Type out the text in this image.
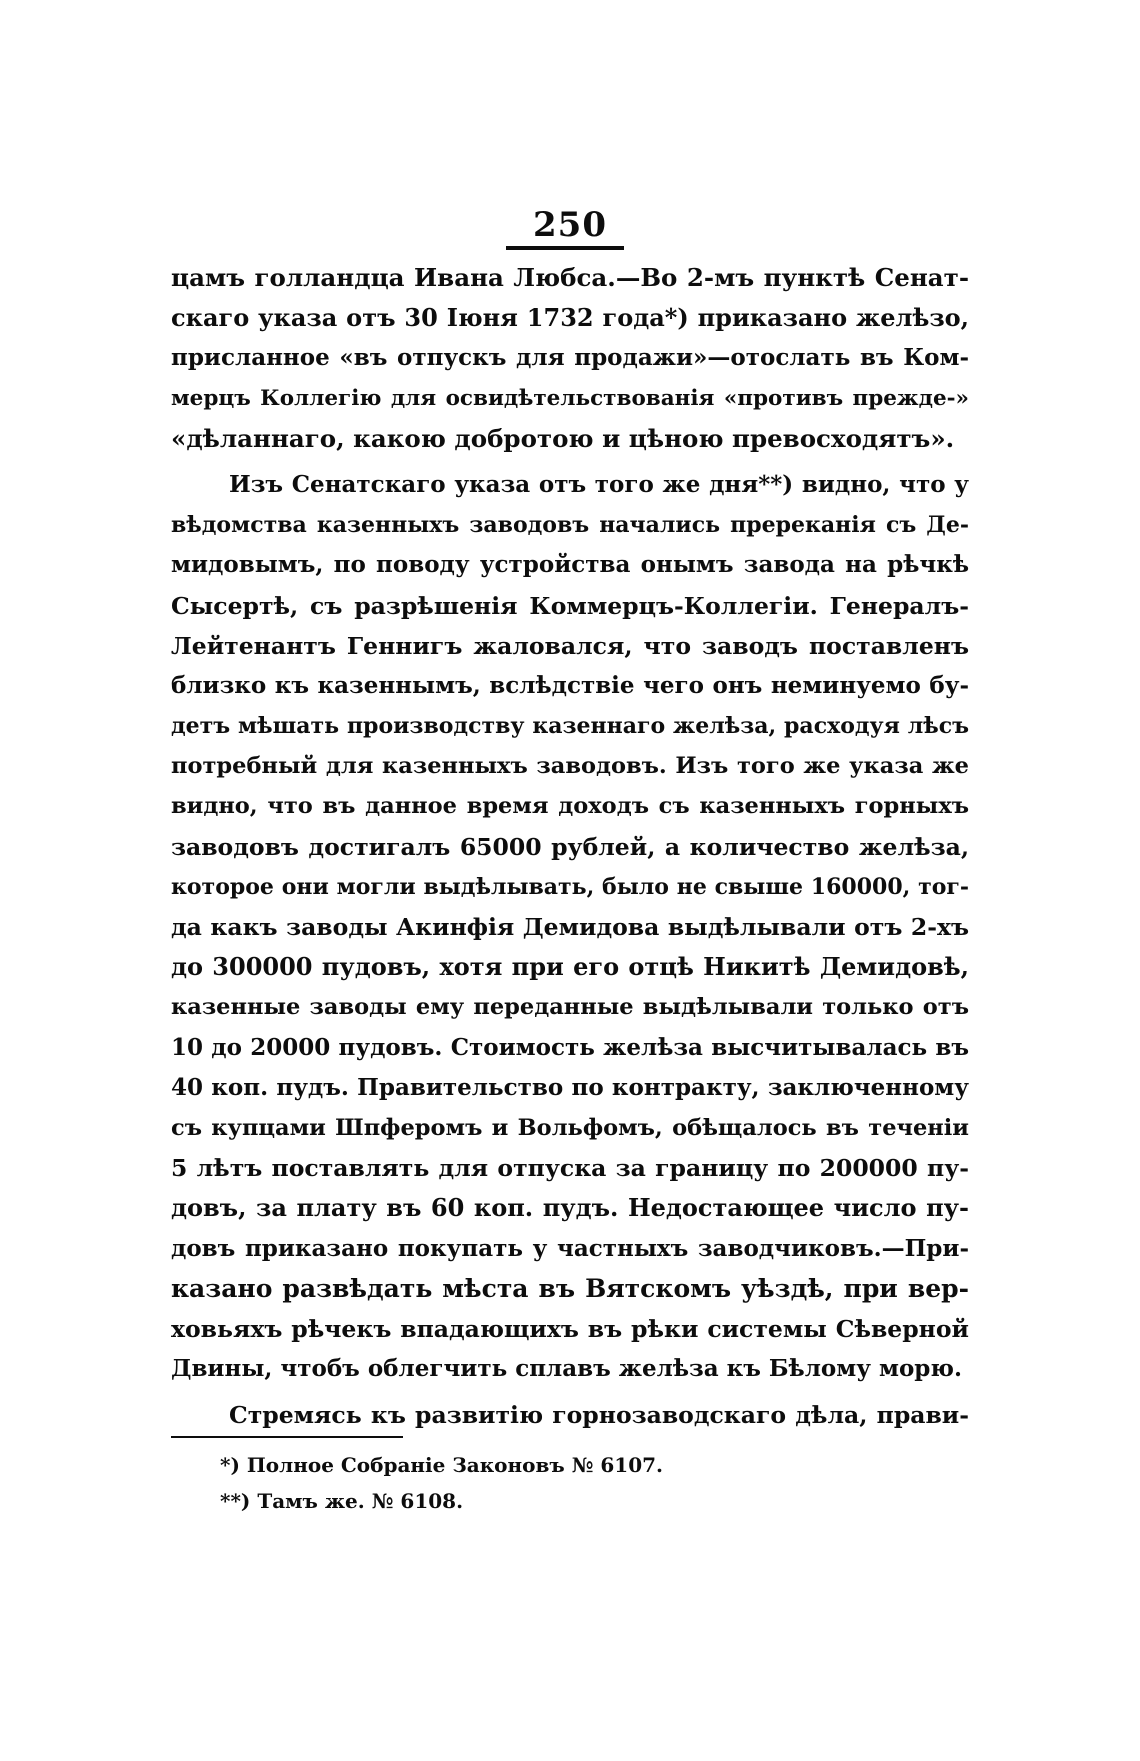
250
цамъ голландца Ивана Любса.—Во 2-мъ пунктѣ Сенат-
скаго указа отъ 30 Іюня 1732 года*) приказано желѣзо,
присланное «въ отпускъ для продажи»—отослать въ Ком-
мерцъ Коллегію для освидѣтельствованія «противъ прежде-»
«дѣланнаго, какою добротою и цѣною превосходятъ».
Изъ Сенатскаго указа отъ того же дня**) видно, что у
вѣдомства казенныхъ заводовъ начались пререканія съ Де-
мидовымъ, по поводу устройства онымъ завода на рѣчкѣ
Сысертѣ, съ разрѣшенія Коммерцъ-Коллегіи. Генералъ-
Лейтенантъ Геннигъ жаловался, что заводъ поставленъ
близко къ казеннымъ, вслѣдствіе чего онъ неминуемо бу-
детъ мѣшать производству казеннаго желѣза, расходуя лѣсъ
потребный для казенныхъ заводовъ. Изъ того же указа же
видно, что въ данное время доходъ съ казенныхъ горныхъ
заводовъ достигалъ 65000 рублей, а количество желѣза,
которое они могли выдѣлывать, было не свыше 160000, тог-
да какъ заводы Акинфія Демидова выдѣлывали отъ 2-хъ
до 300000 пудовъ, хотя при его отцѣ Никитѣ Демидовѣ,
казенные заводы ему переданные выдѣлывали только отъ
10 до 20000 пудовъ. Стоимость желѣза высчитывалась въ
40 коп. пудъ. Правительство по контракту, заключенному
съ купцами Шпферомъ и Вольфомъ, обѣщалось въ теченіи
5 лѣтъ поставлять для отпуска за границу по 200000 пу-
довъ, за плату въ 60 коп. пудъ. Недостающее число пу-
довъ приказано покупать у частныхъ заводчиковъ.—При-
казано развѣдать мѣста въ Вятскомъ уѣздѣ, при вер-
ховьяхъ рѣчекъ впадающихъ въ рѣки системы Сѣверной
Двины, чтобъ облегчить сплавъ желѣза къ Бѣлому морю.
Стремясь къ развитію горнозаводскаго дѣла, прави-
*) Полное Собраніе Законовъ № 6107.
**) Тамъ же. № 6108.
